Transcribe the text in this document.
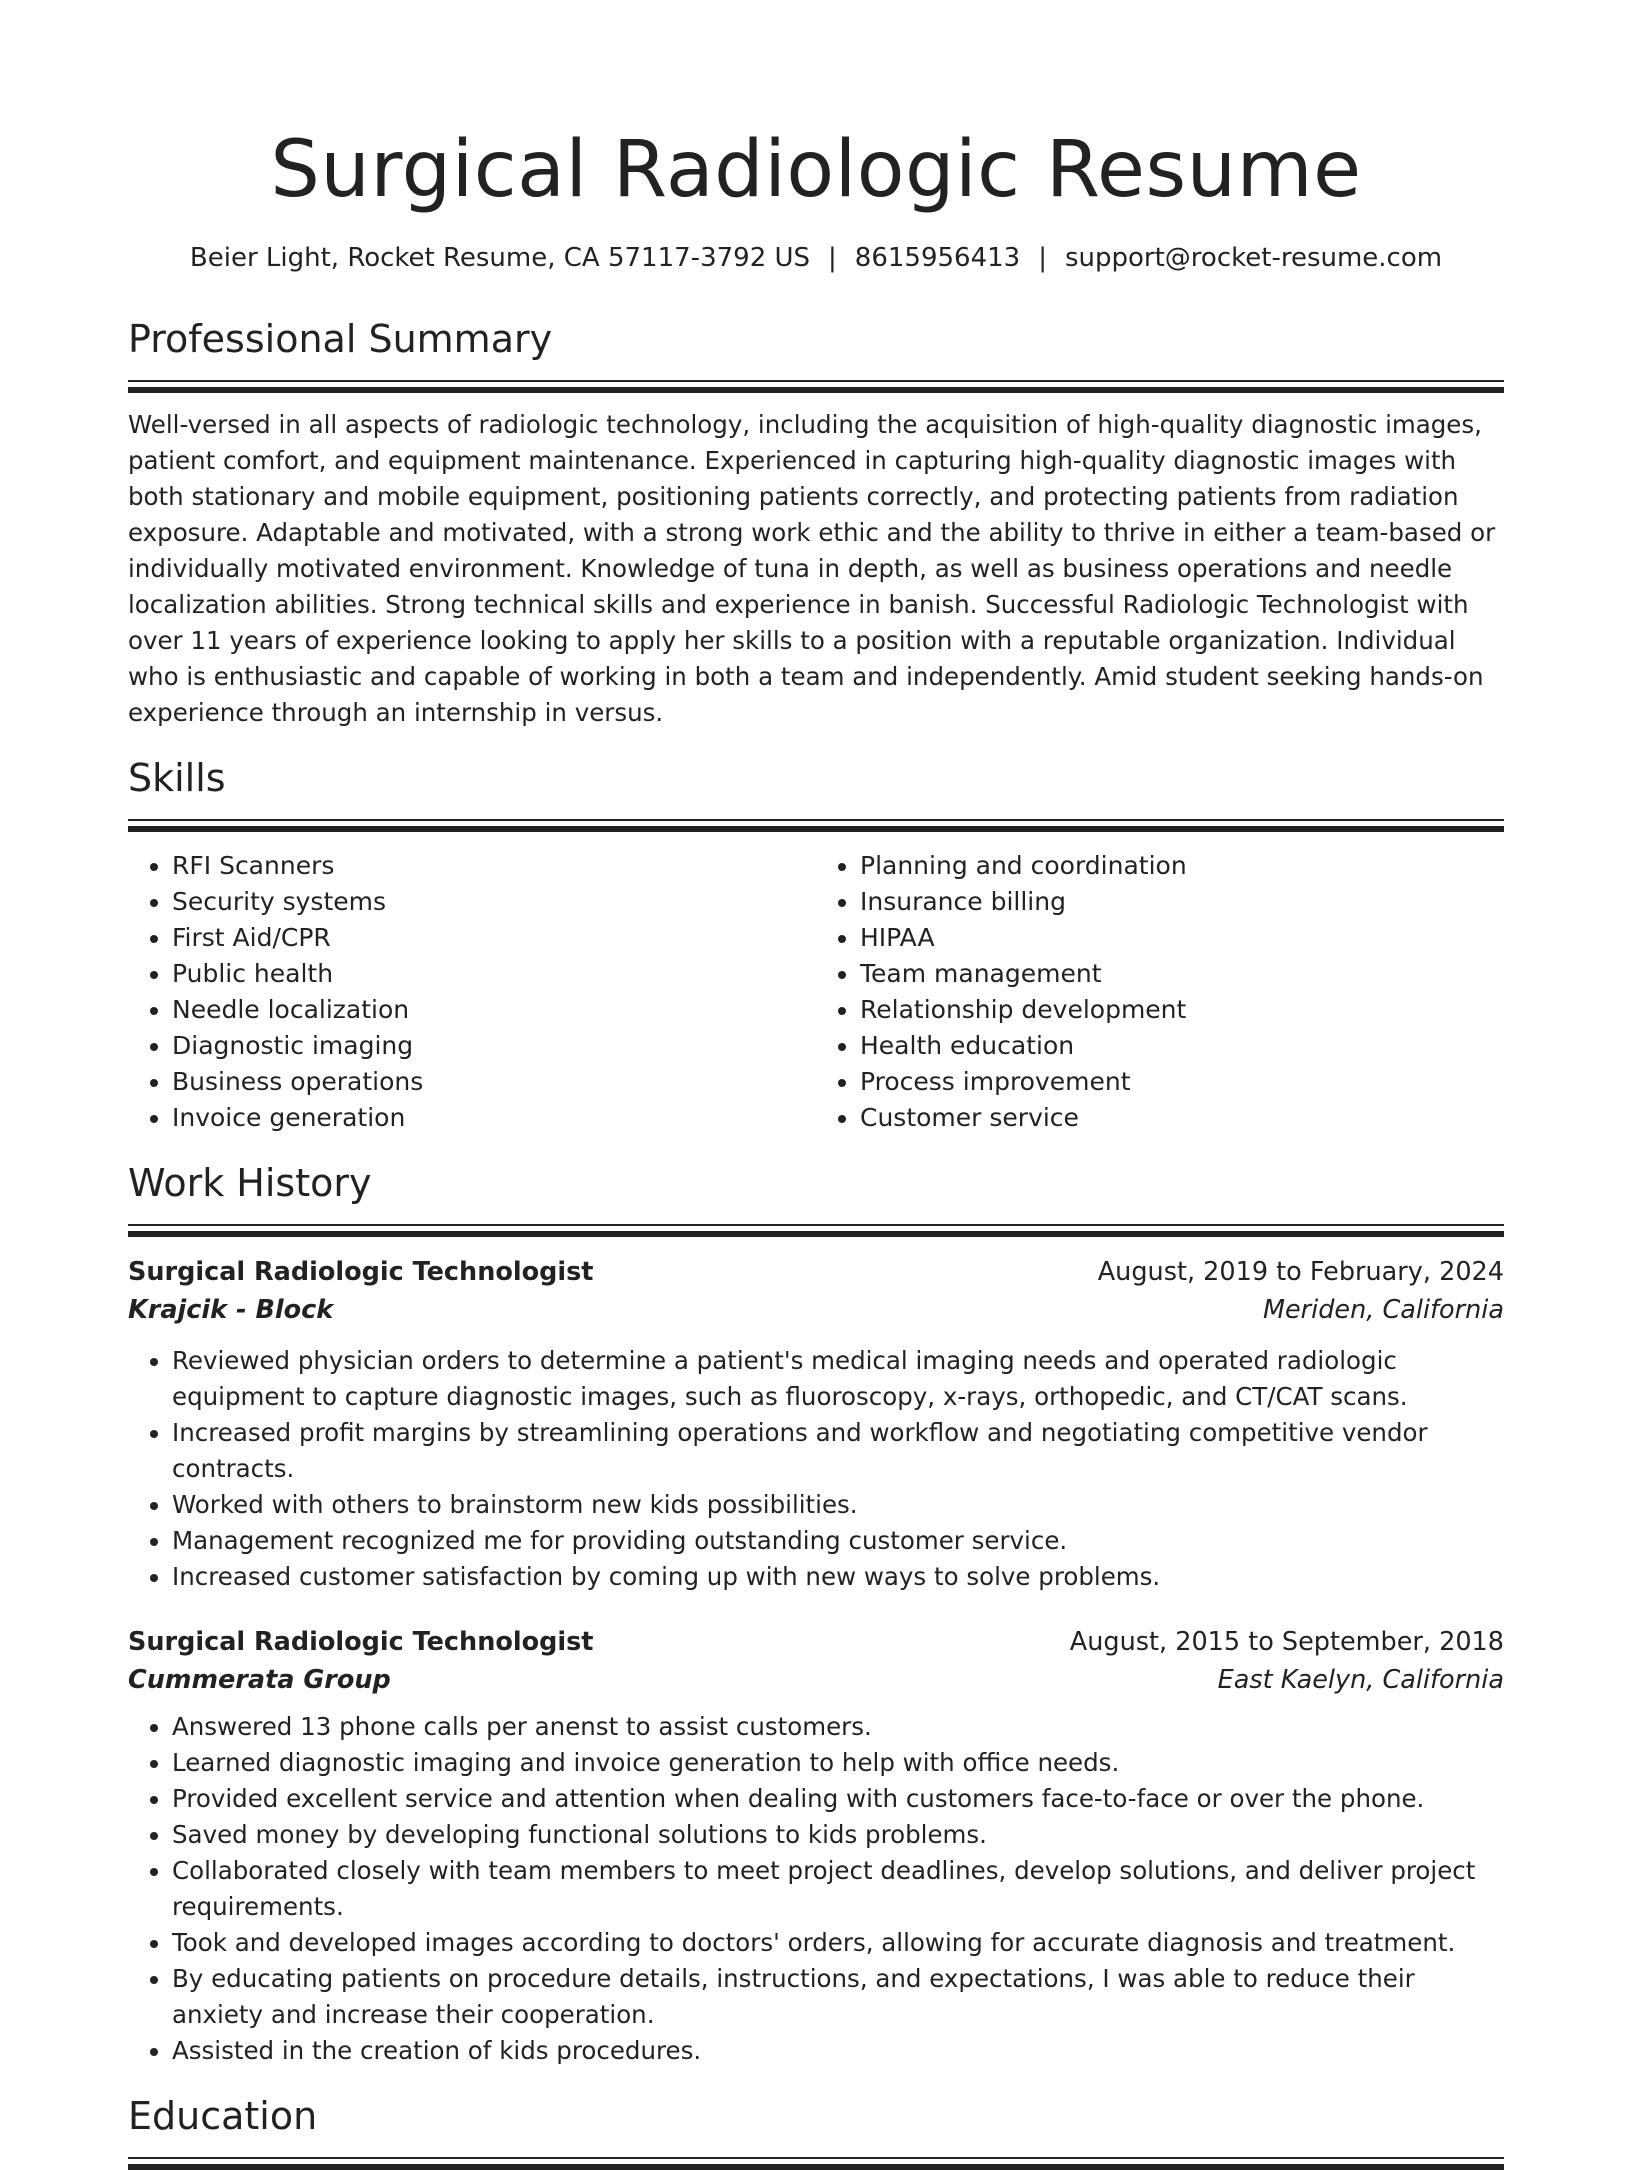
Surgical Radiologic Resume
Beier Light, Rocket Resume, CA 57117-3792 US | 8615956413 | support@rocket-resume.com
Professional Summary

Well-versed in all aspects of radiologic technology, including the acquisition of high-quality diagnostic images, patient comfort, and equipment maintenance. Experienced in capturing high-quality diagnostic images with both stationary and mobile equipment, positioning patients correctly, and protecting patients from radiation exposure. Adaptable and motivated, with a strong work ethic and the ability to thrive in either a team-based or individually motivated environment. Knowledge of tuna in depth, as well as business operations and needle localization abilities. Strong technical skills and experience in banish. Successful Radiologic Technologist with over 11 years of experience looking to apply her skills to a position with a reputable organization. Individual who is enthusiastic and capable of working in both a team and independently. Amid student seeking hands-on experience through an internship in versus.

Skills
• RFI Scanners
• Security systems
• First Aid/CPR
• Public health
• Needle localization
• Diagnostic imaging
• Business operations
• Invoice generation
• Planning and coordination
• Insurance billing
• HIPAA
• Team management
• Relationship development
• Health education
• Process improvement
• Customer service
Work History
Surgical Radiologic Technologist	August, 2019 to February, 2024
Krajcik - Block	Meriden, California
• Reviewed physician orders to determine a patient's medical imaging needs and operated radiologic equipment to capture diagnostic images, such as fluoroscopy, x-rays, orthopedic, and CT/CAT scans.
• Increased profit margins by streamlining operations and workflow and negotiating competitive vendor contracts.
• Worked with others to brainstorm new kids possibilities.
• Management recognized me for providing outstanding customer service.
• Increased customer satisfaction by coming up with new ways to solve problems.
Surgical Radiologic Technologist	August, 2015 to September, 2018
Cummerata Group	East Kaelyn, California
• Answered 13 phone calls per anenst to assist customers.
• Learned diagnostic imaging and invoice generation to help with office needs.
• Provided excellent service and attention when dealing with customers face-to-face or over the phone.
• Saved money by developing functional solutions to kids problems.
• Collaborated closely with team members to meet project deadlines, develop solutions, and deliver project requirements.
• Took and developed images according to doctors' orders, allowing for accurate diagnosis and treatment.
• By educating patients on procedure details, instructions, and expectations, I was able to reduce their anxiety and increase their cooperation.
• Assisted in the creation of kids procedures.
Education
